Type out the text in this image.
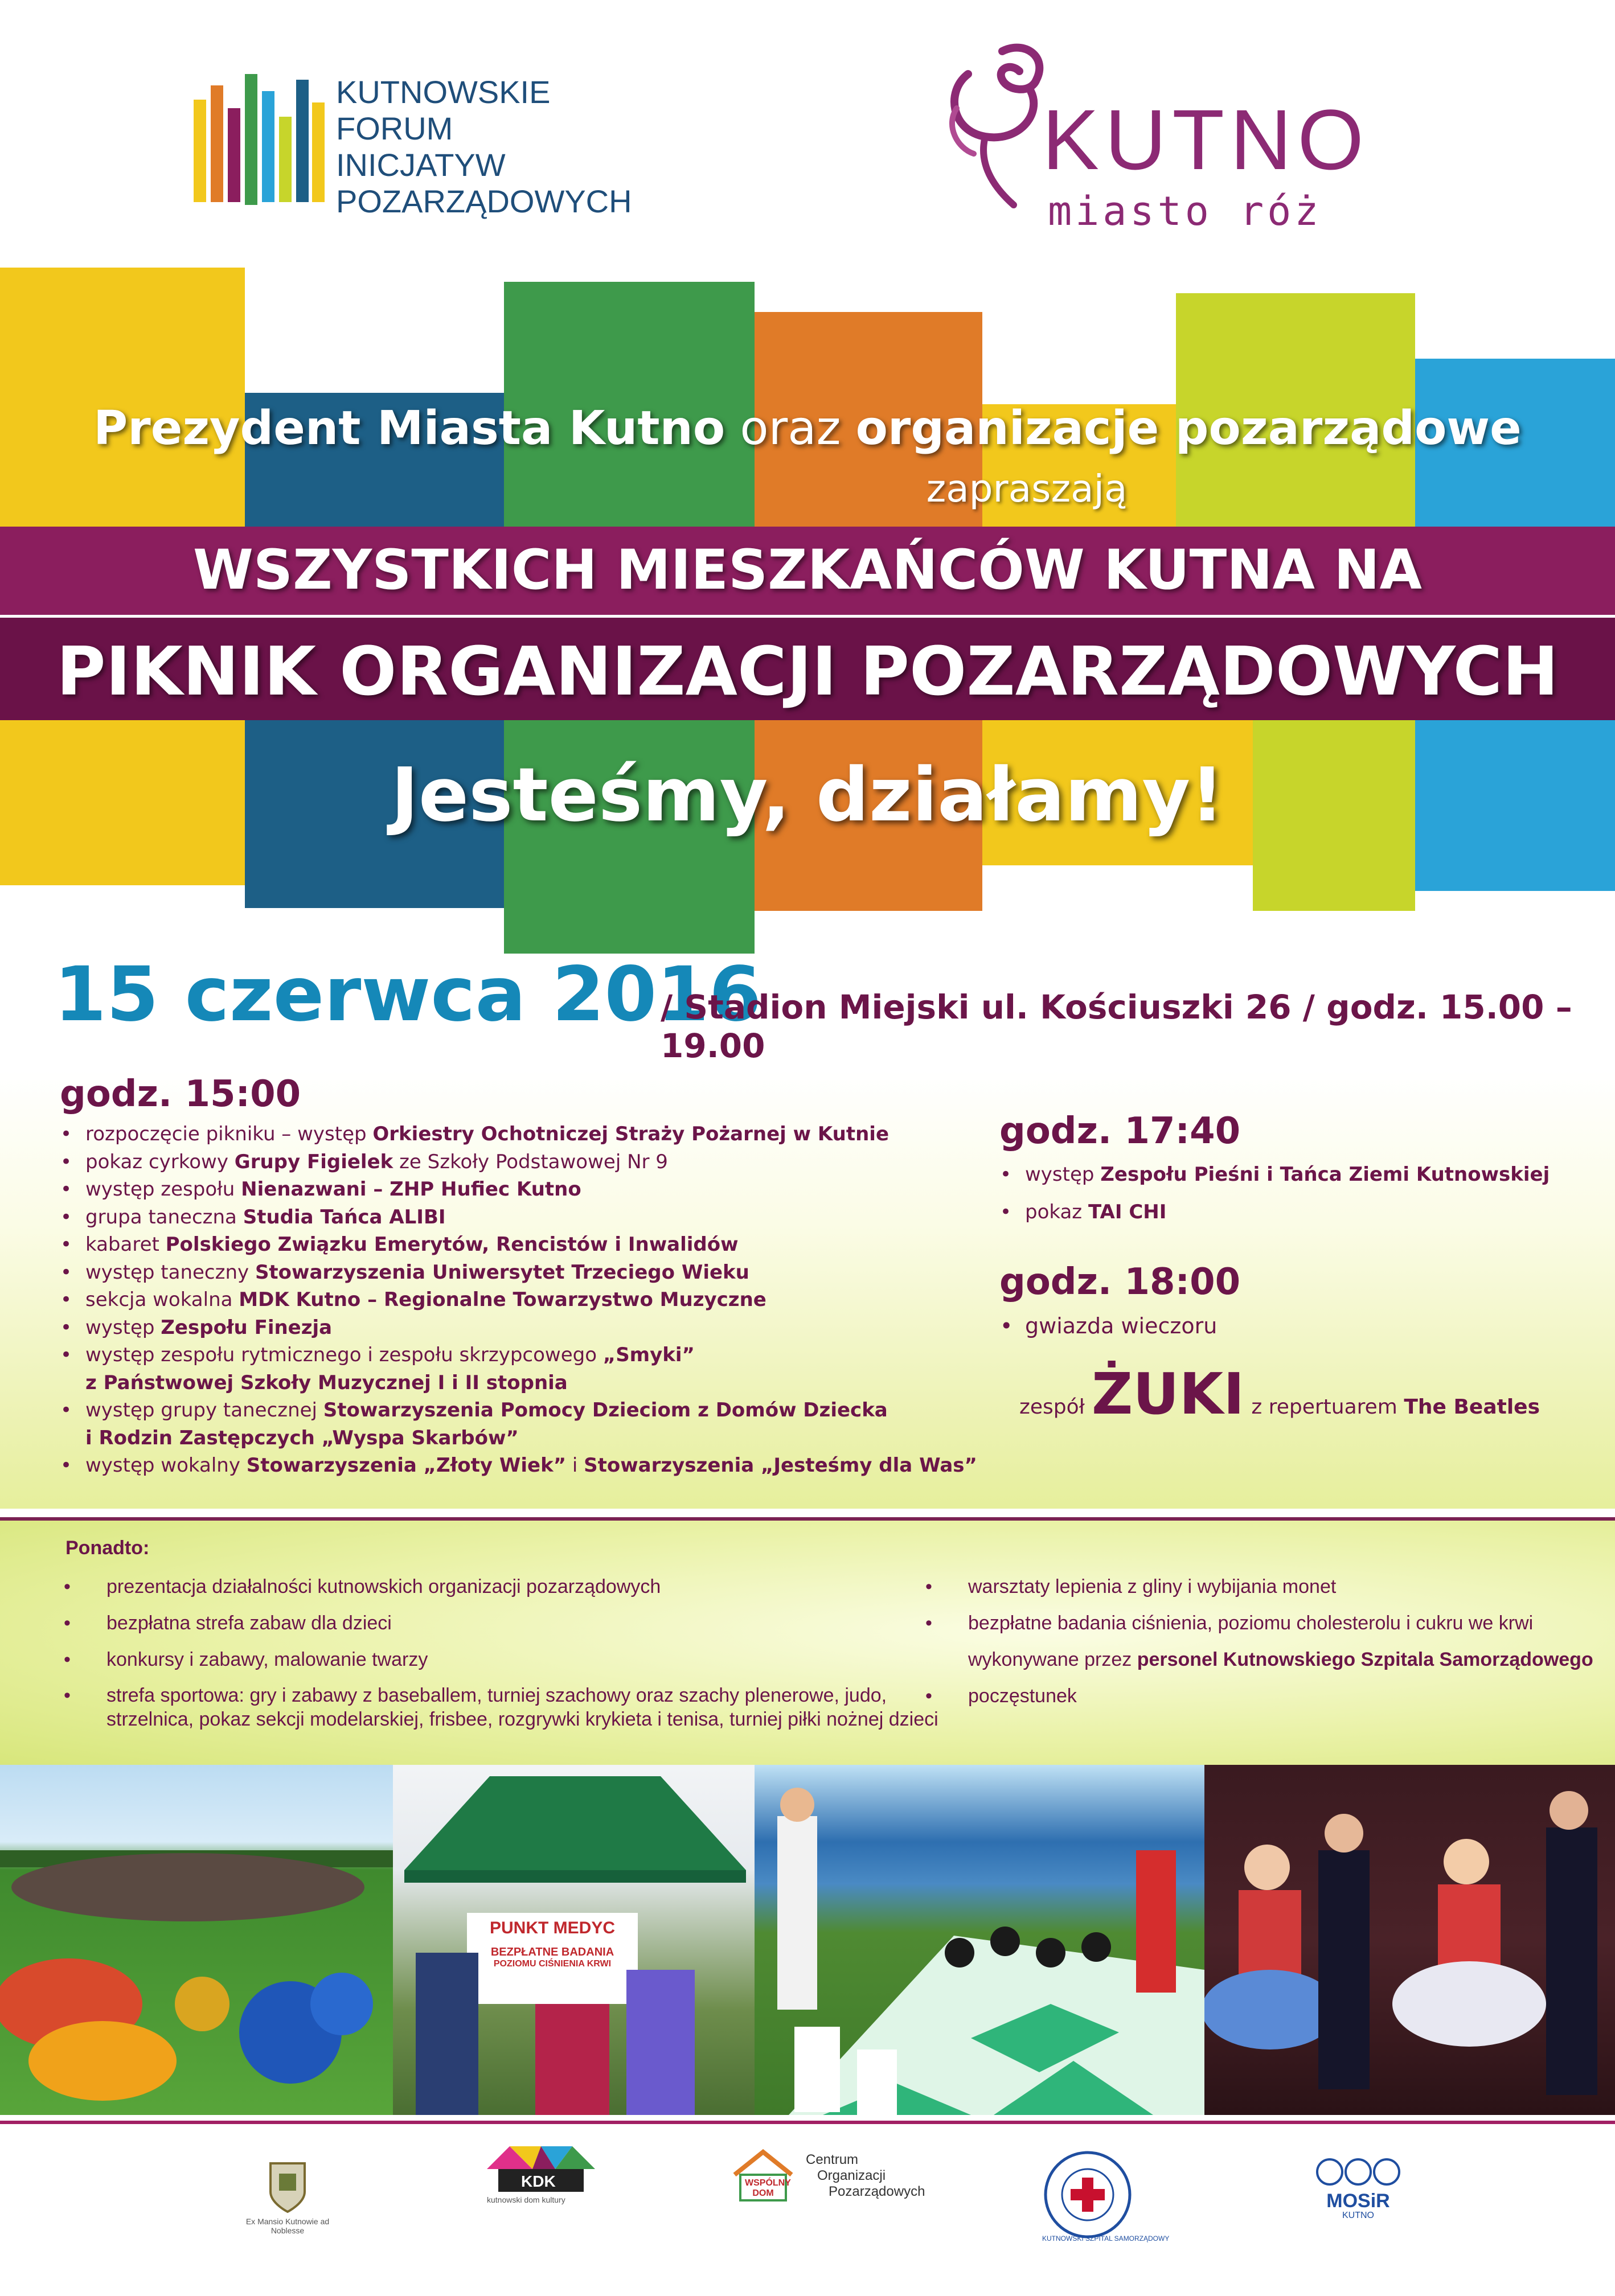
KUTNOWSKIE
FORUM
INICJATYW
POZARZĄDOWYCH
KUTNO
miasto róż
Prezydent Miasta Kutno oraz organizacje pozarządowe
zapraszają
WSZYSTKICH MIESZKAŃCÓW KUTNA NA
PIKNIK ORGANIZACJI POZARZĄDOWYCH
Jesteśmy, działamy!
15 czerwca 2016
/ Stadion Miejski ul. Kościuszki 26 / godz. 15.00 – 19.00
godz. 15:00
• rozpoczęcie pikniku – występ Orkiestry Ochotniczej Straży Pożarnej w Kutnie
• pokaz cyrkowy Grupy Figielek ze Szkoły Podstawowej Nr 9
• występ zespołu Nienazwani – ZHP Hufiec Kutno
• grupa taneczna Studia Tańca ALIBI
• kabaret Polskiego Związku Emerytów, Rencistów i Inwalidów
• występ taneczny Stowarzyszenia Uniwersytet Trzeciego Wieku
• sekcja wokalna MDK Kutno – Regionalne Towarzystwo Muzyczne
• występ Zespołu Finezja
• występ zespołu rytmicznego i zespołu skrzypcowego „Smyki”
z Państwowej Szkoły Muzycznej I i II stopnia
• występ grupy tanecznej Stowarzyszenia Pomocy Dzieciom z Domów Dziecka
i Rodzin Zastępczych „Wyspa Skarbów”
• występ wokalny Stowarzyszenia „Złoty Wiek” i Stowarzyszenia „Jesteśmy dla Was”
godz. 17:40
• występ Zespołu Pieśni i Tańca Ziemi Kutnowskiej
• pokaz TAI CHI
godz. 18:00
• gwiazda wieczoru
zespół ŻUKI z repertuarem The Beatles
Ponadto:
• prezentacja działalności kutnowskich organizacji pozarządowych
• bezpłatna strefa zabaw dla dzieci
• konkursy i zabawy, malowanie twarzy
• strefa sportowa: gry i zabawy z baseballem, turniej szachowy oraz szachy plenerowe, judo,
strzelnica, pokaz sekcji modelarskiej, frisbee, rozgrywki krykieta i tenisa, turniej piłki nożnej dzieci
• warsztaty lepienia z gliny i wybijania monet
• bezpłatne badania ciśnienia, poziomu cholesterolu i cukru we krwi
wykonywane przez personel Kutnowskiego Szpitala Samorządowego
• poczęstunek
PUNKT MEDYC
BEZPŁATNE BADANIA
POZIOMU CIŚNIENIA KRWI
Ex Mansio Kutnowie ad Noblesse
KDK
kutnowski dom kultury
WSPÓLNY
DOM
Centrum
Organizacji
Pozarządowych
KUTNOWSKI SZPITAL SAMORZĄDOWY
MOSiR
KUTNO
